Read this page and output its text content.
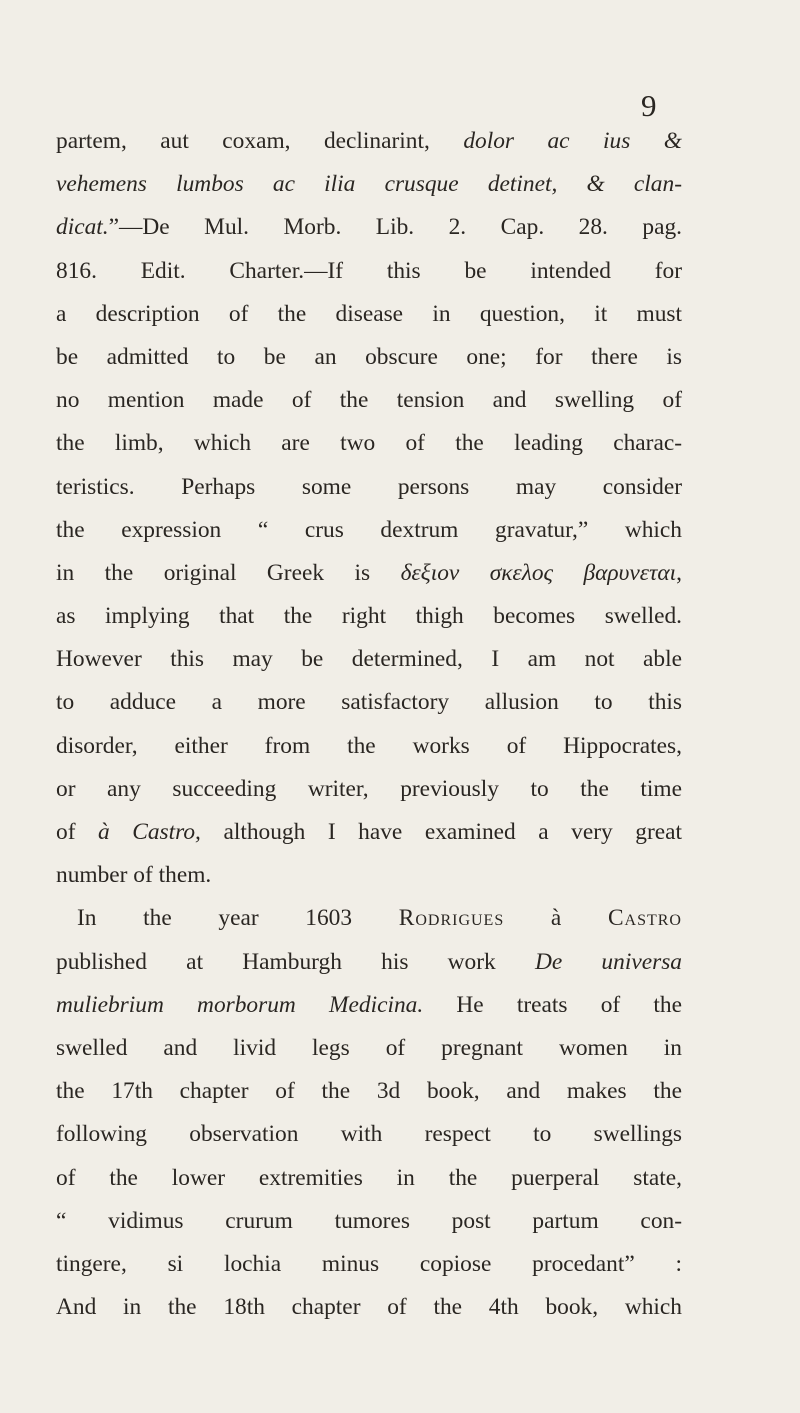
9
partem, aut coxam, declinarint, dolor ac ius &
vehemens lumbos ac ilia crusque detinet, & clan-
dicat.”—De Mul. Morb. Lib. 2. Cap. 28. pag.
816. Edit. Charter.—If this be intended for
a description of the disease in question, it must
be admitted to be an obscure one; for there is
no mention made of the tension and swelling of
the limb, which are two of the leading charac-
teristics. Perhaps some persons may consider
the expression “ crus dextrum gravatur,” which
in the original Greek is δεξιον σκελος βαρυνεται,
as implying that the right thigh becomes swelled.
However this may be determined, I am not able
to adduce a more satisfactory allusion to this
disorder, either from the works of Hippocrates,
or any succeeding writer, previously to the time
of à Castro, although I have examined a very great
number of them.
In the year 1603 Rodrigues à Castro
published at Hamburgh his work De universa
muliebrium morborum Medicina. He treats of the
swelled and livid legs of pregnant women in
the 17th chapter of the 3d book, and makes the
following observation with respect to swellings
of the lower extremities in the puerperal state,
“ vidimus crurum tumores post partum con-
tingere, si lochia minus copiose procedant” :
And in the 18th chapter of the 4th book, which
